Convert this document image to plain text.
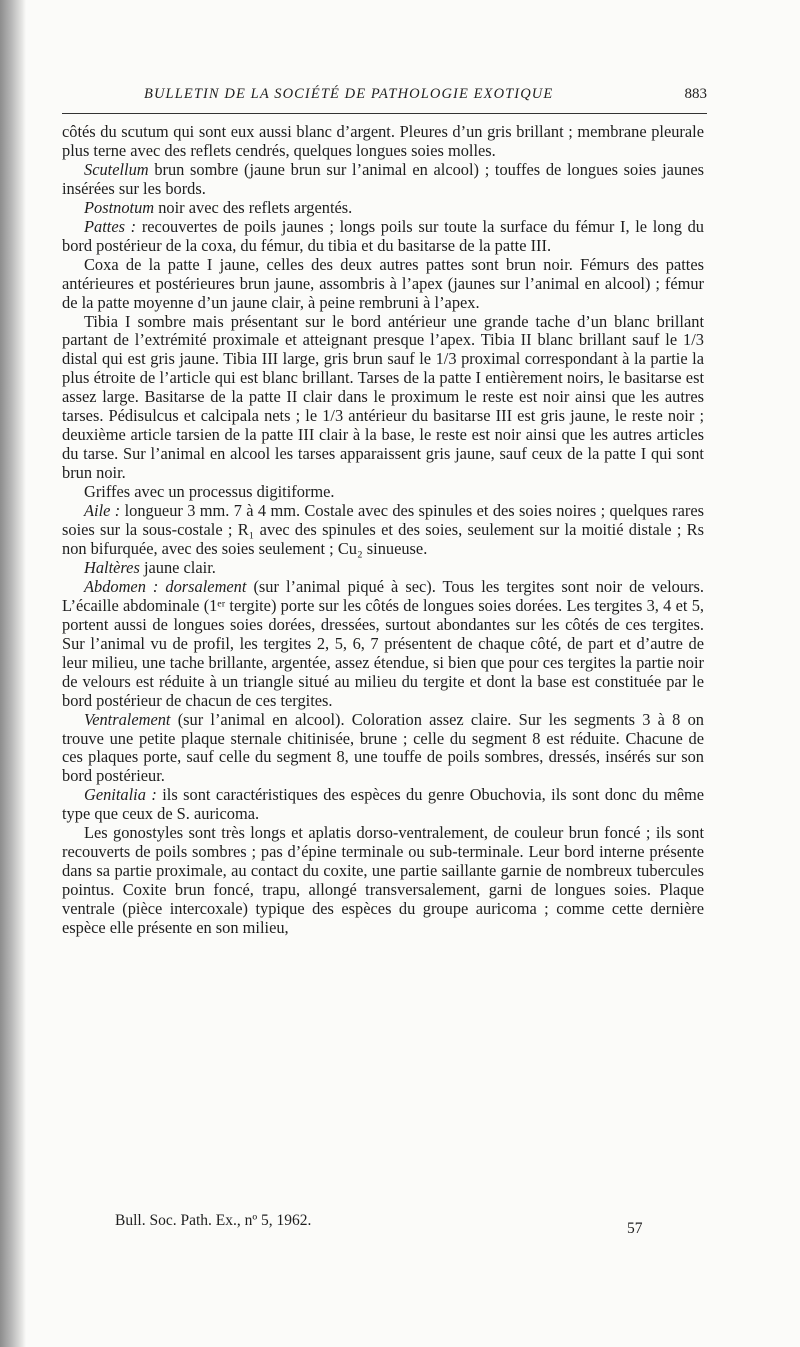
BULLETIN DE LA SOCIÉTÉ DE PATHOLOGIE EXOTIQUE	883

côtés du scutum qui sont eux aussi blanc d’argent. Pleures d’un gris brillant ; membrane pleurale plus terne avec des reflets cendrés, quelques longues soies molles.

Scutellum brun sombre (jaune brun sur l’animal en alcool) ; touffes de longues soies jaunes insérées sur les bords.

Postnotum noir avec des reflets argentés.

Pattes : recouvertes de poils jaunes ; longs poils sur toute la surface du fémur I, le long du bord postérieur de la coxa, du fémur, du tibia et du basitarse de la patte III.

Coxa de la patte I jaune, celles des deux autres pattes sont brun noir. Fémurs des pattes antérieures et postérieures brun jaune, assombris à l’apex (jaunes sur l’animal en alcool) ; fémur de la patte moyenne d’un jaune clair, à peine rembruni à l’apex.

Tibia I sombre mais présentant sur le bord antérieur une grande tache d’un blanc brillant partant de l’extrémité proximale et atteignant presque l’apex. Tibia II blanc brillant sauf le 1/3 distal qui est gris jaune. Tibia III large, gris brun sauf le 1/3 proximal correspondant à la partie la plus étroite de l’article qui est blanc brillant. Tarses de la patte I entièrement noirs, le basitarse est assez large. Basitarse de la patte II clair dans le proximum le reste est noir ainsi que les autres tarses. Pédisulcus et calcipala nets ; le 1/3 antérieur du basitarse III est gris jaune, le reste noir ; deuxième article tarsien de la patte III clair à la base, le reste est noir ainsi que les autres articles du tarse. Sur l’animal en alcool les tarses apparaissent gris jaune, sauf ceux de la patte I qui sont brun noir.

Griffes avec un processus digitiforme.

Aile : longueur 3 mm. 7 à 4 mm. Costale avec des spinules et des soies noires ; quelques rares soies sur la sous-costale ; R₁ avec des spinules et des soies, seulement sur la moitié distale ; Rs non bifurquée, avec des soies seulement ; Cu₂ sinueuse.

Haltères jaune clair.

Abdomen : dorsalement (sur l’animal piqué à sec). Tous les tergites sont noir de velours. L’écaille abdominale (1ᵉʳ tergite) porte sur les côtés de longues soies dorées. Les tergites 3, 4 et 5, portent aussi de longues soies dorées, dressées, surtout abondantes sur les côtés de ces tergites. Sur l’animal vu de profil, les tergites 2, 5, 6, 7 présentent de chaque côté, de part et d’autre de leur milieu, une tache brillante, argentée, assez étendue, si bien que pour ces tergites la partie noir de velours est réduite à un triangle situé au milieu du tergite et dont la base est constituée par le bord postérieur de chacun de ces tergites.

Ventralement (sur l’animal en alcool). Coloration assez claire. Sur les segments 3 à 8 on trouve une petite plaque sternale chitinisée, brune ; celle du segment 8 est réduite. Chacune de ces plaques porte, sauf celle du segment 8, une touffe de poils sombres, dressés, insérés sur son bord postérieur.

Genitalia : ils sont caractéristiques des espèces du genre Obuchovia, ils sont donc du même type que ceux de S. auricoma.

Les gonostyles sont très longs et aplatis dorso-ventralement, de couleur brun foncé ; ils sont recouverts de poils sombres ; pas d’épine terminale ou sub-terminale. Leur bord interne présente dans sa partie proximale, au contact du coxite, une partie saillante garnie de nombreux tubercules pointus. Coxite brun foncé, trapu, allongé transversalement, garni de longues soies. Plaque ventrale (pièce intercoxale) typique des espèces du groupe auricoma ; comme cette dernière espèce elle présente en son milieu,

Bull. Soc. Path. Ex., nº 5, 1962.	57
